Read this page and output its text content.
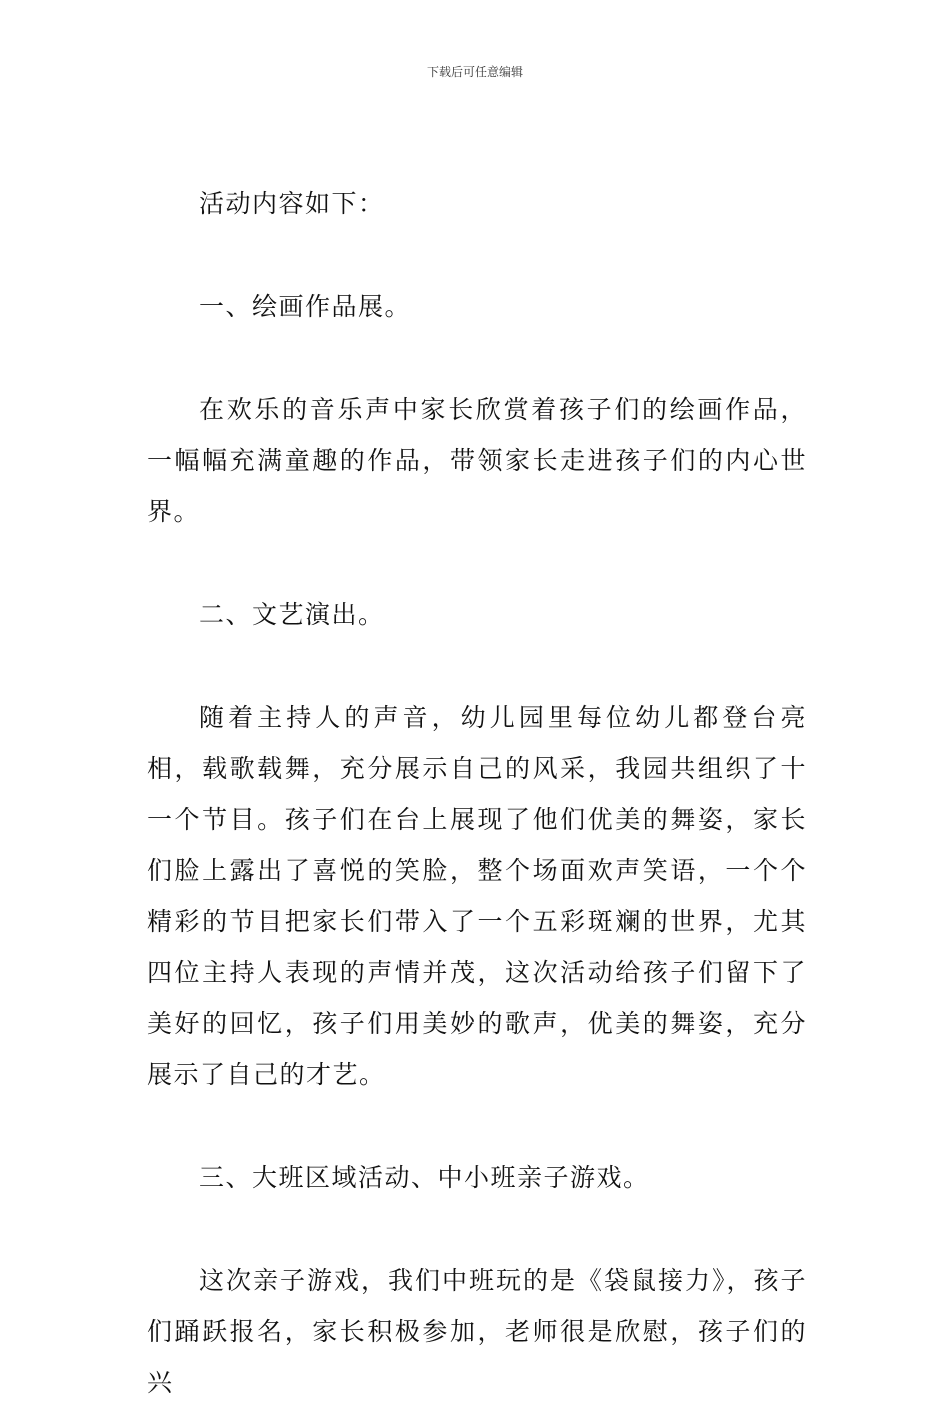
下载后可任意编辑

活动内容如下：

一、绘画作品展。

在欢乐的音乐声中家长欣赏着孩子们的绘画作品，一幅幅充满童趣的作品，带领家长走进孩子们的内心世界。

二、文艺演出。

随着主持人的声音，幼儿园里每位幼儿都登台亮相，载歌载舞，充分展示自己的风采，我园共组织了十一个节目。孩子们在台上展现了他们优美的舞姿，家长们脸上露出了喜悦的笑脸，整个场面欢声笑语，一个个精彩的节目把家长们带入了一个五彩斑斓的世界，尤其四位主持人表现的声情并茂，这次活动给孩子们留下了美好的回忆，孩子们用美妙的歌声，优美的舞姿，充分展示了自己的才艺。

三、大班区域活动、中小班亲子游戏。

这次亲子游戏，我们中班玩的是《袋鼠接力》，孩子们踊跃报名，家长积极参加，老师很是欣慰，孩子们的兴
